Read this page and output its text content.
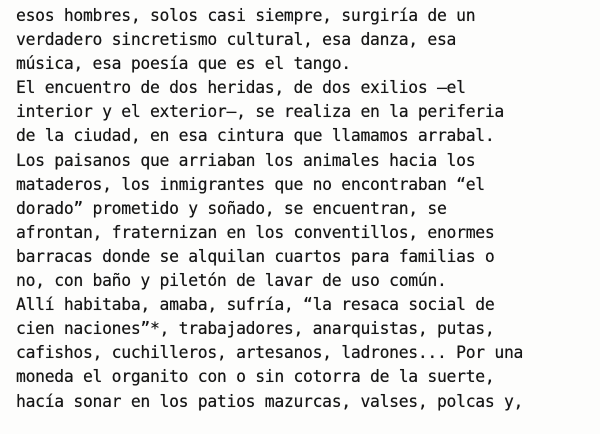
esos hombres, solos casi siempre, surgiría de un
verdadero sincretismo cultural, esa danza, esa
música, esa poesía que es el tango.
El encuentro de dos heridas, de dos exilios —el
interior y el exterior—, se realiza en la periferia
de la ciudad, en esa cintura que llamamos arrabal.
Los paisanos que arriaban los animales hacia los
mataderos, los inmigrantes que no encontraban “el
dorado” prometido y soñado, se encuentran, se
afrontan, fraternizan en los conventillos, enormes
barracas donde se alquilan cuartos para familias o
no, con baño y piletón de lavar de uso común.
Allí habitaba, amaba, sufría, “la resaca social de
cien naciones”*, trabajadores, anarquistas, putas,
cafishos, cuchilleros, artesanos, ladrones... Por una
moneda el organito con o sin cotorra de la suerte,
hacía sonar en los patios mazurcas, valses, polcas y,
